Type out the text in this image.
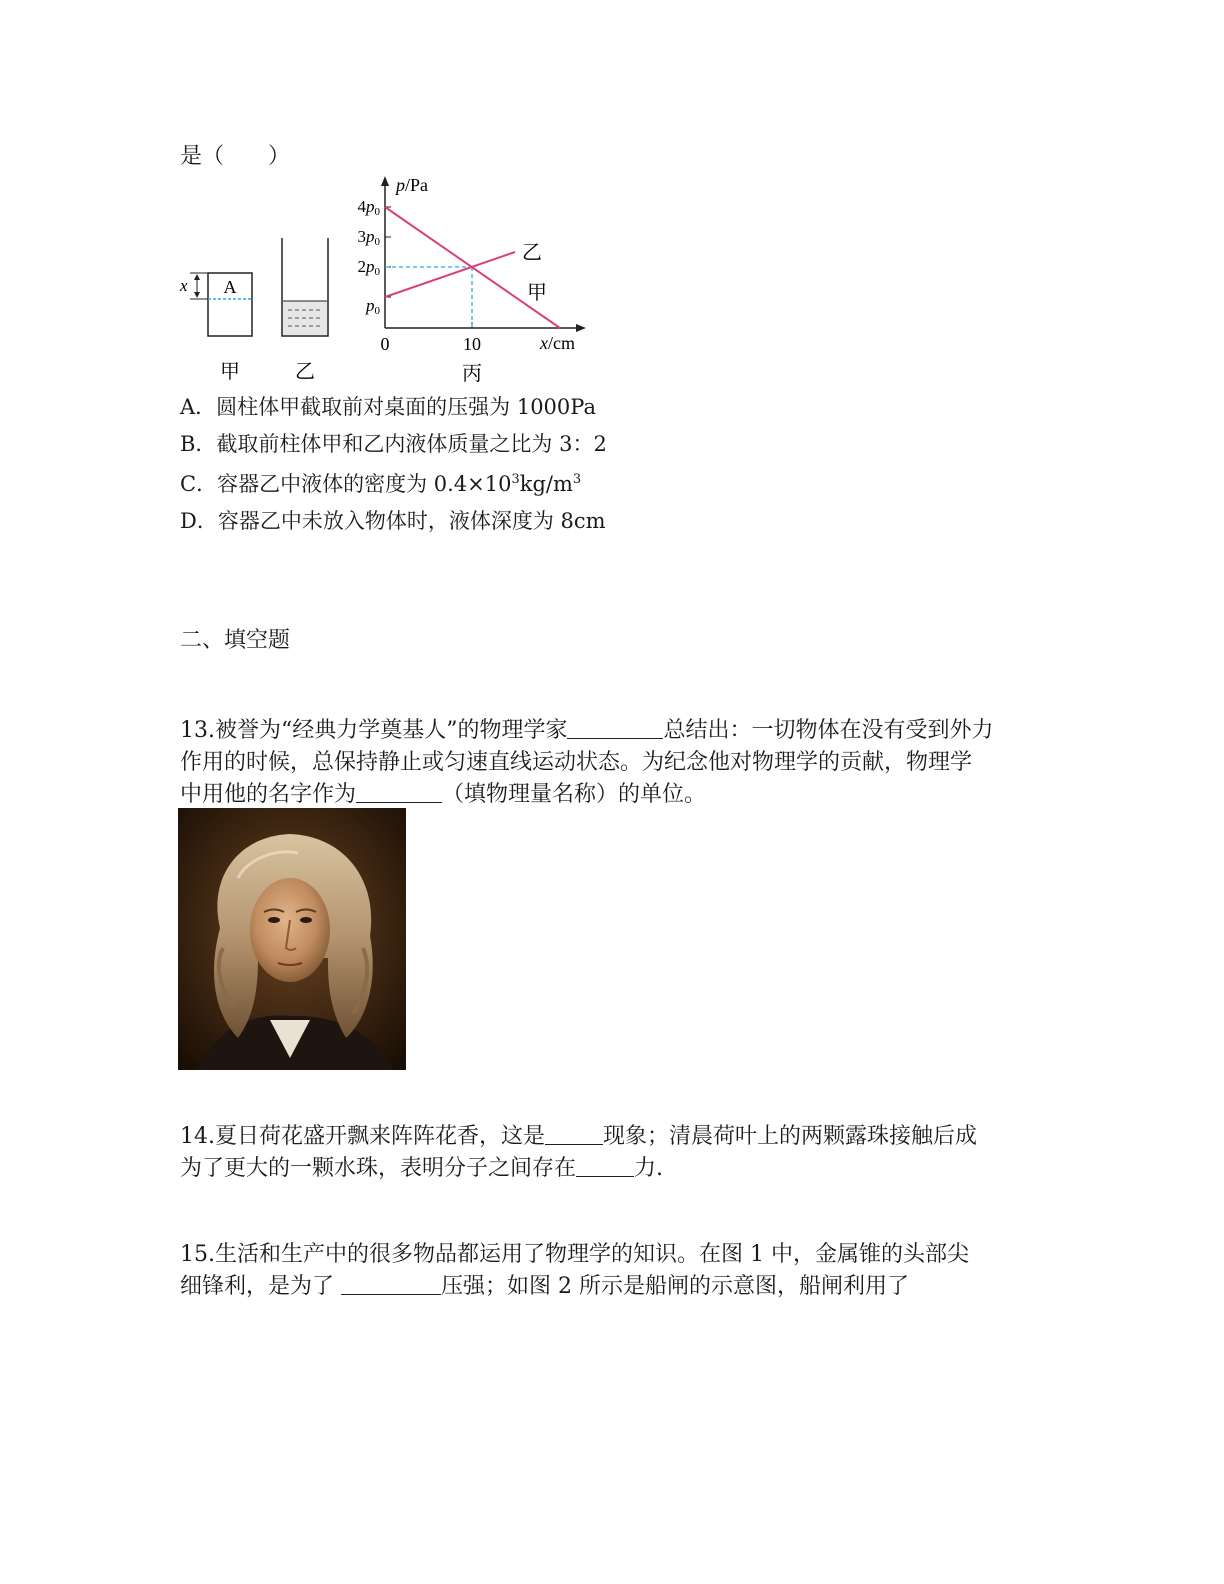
是（　　）
A
x
甲	乙
p/Pa
x/cm
4p0
3p0
2p0
p0
0	10
乙
甲
丙
A．圆柱体甲截取前对桌面的压强为 1000Pa
B．截取前柱体甲和乙内液体质量之比为 3：2
C．容器乙中液体的密度为 $0.4\times 10^3kg/m^3$
D．容器乙中未放入物体时，液体深度为 8cm
二、填空题
13.被誉为“经典力学奠基人”的物理学家	总结出：一切物体在没有受到外力
作用的时候，总保持静止或匀速直线运动状态。为纪念他对物理学的贡献，物理学
中用他的名字作为	（填物理量名称）的单位。
14.夏日荷花盛开飘来阵阵花香，这是	现象；清晨荷叶上的两颗露珠接触后成
为了更大的一颗水珠，表明分子之间存在	力.
15.生活和生产中的很多物品都运用了物理学的知识。在图 1 中，金属锥的头部尖
细锋利，是为了	压强；如图 2 所示是船闸的示意图，船闸利用了
